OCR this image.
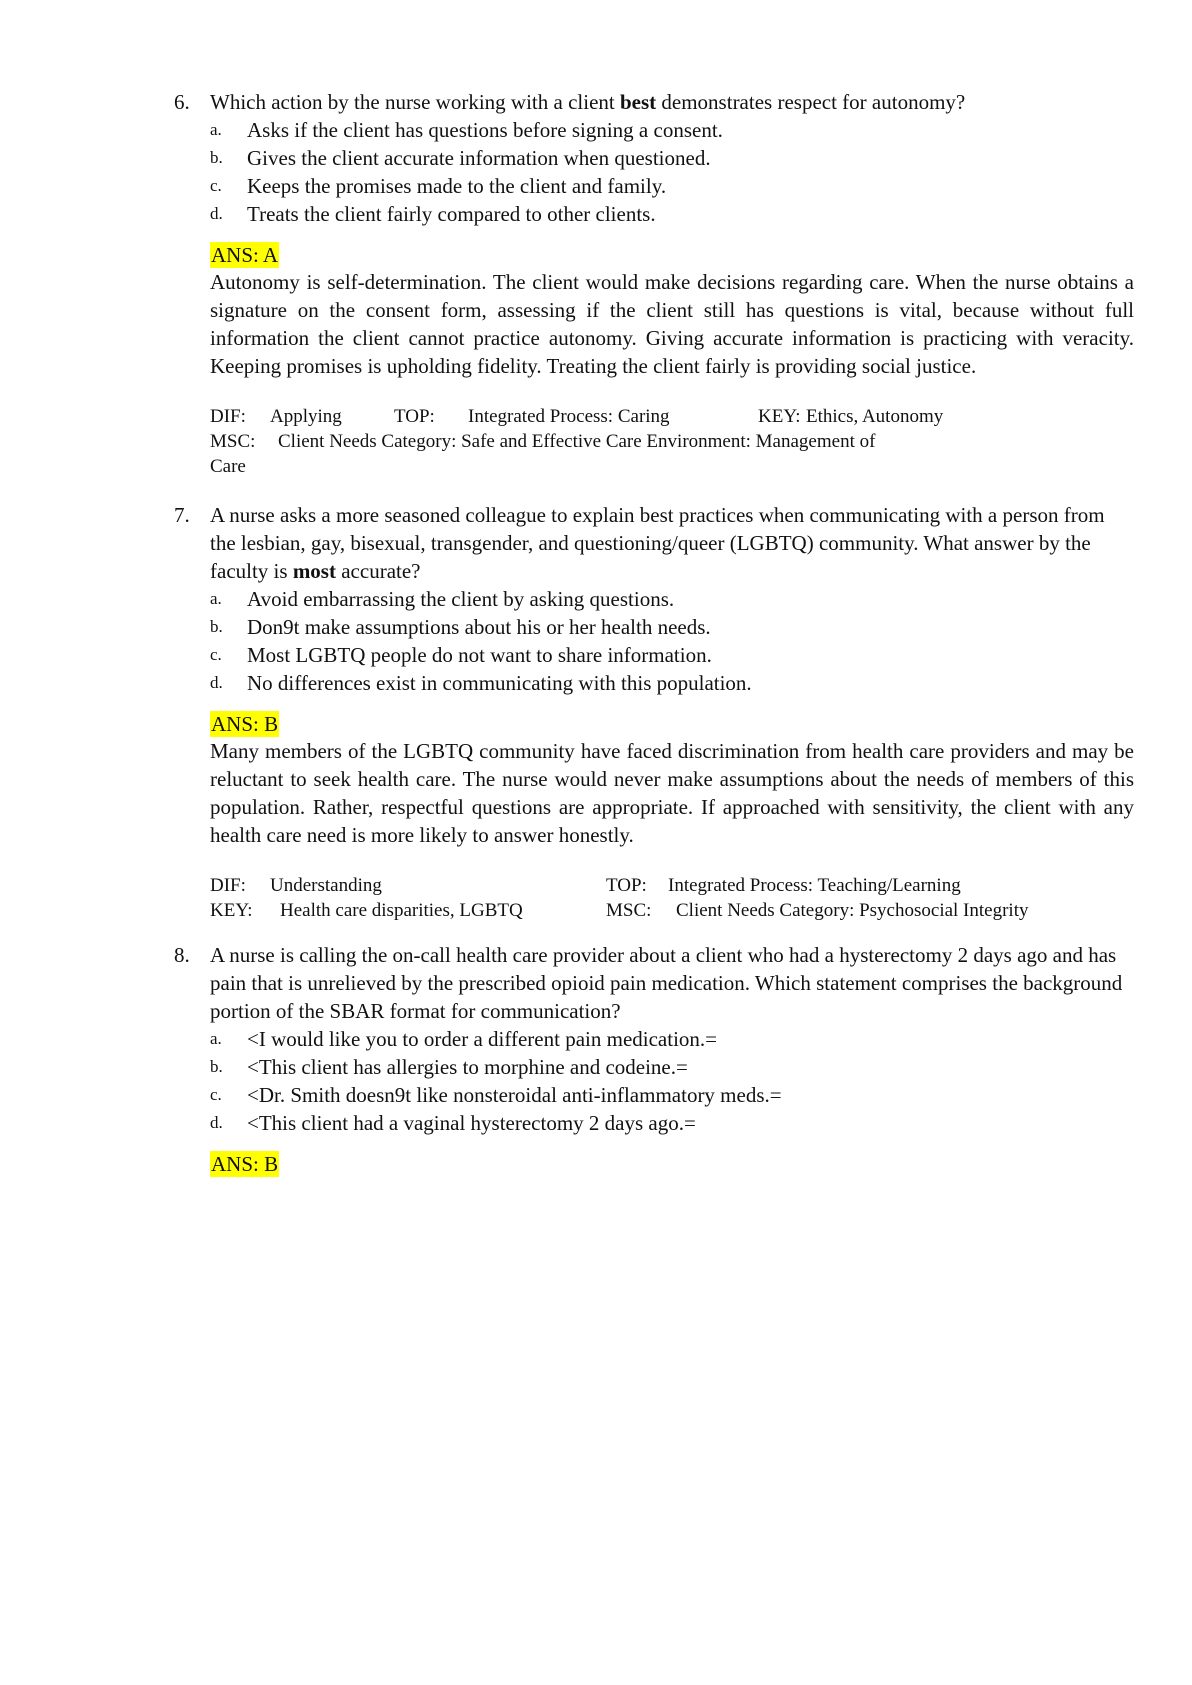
6. Which action by the nurse working with a client best demonstrates respect for autonomy?
a. Asks if the client has questions before signing a consent.
b. Gives the client accurate information when questioned.
c. Keeps the promises made to the client and family.
d. Treats the client fairly compared to other clients.
ANS: A
Autonomy is self-determination. The client would make decisions regarding care. When the nurse obtains a signature on the consent form, assessing if the client still has questions is vital, because without full information the client cannot practice autonomy. Giving accurate information is practicing with veracity. Keeping promises is upholding fidelity. Treating the client fairly is providing social justice.
DIF: Applying	TOP: Integrated Process: Caring	KEY: Ethics, Autonomy
MSC: Client Needs Category: Safe and Effective Care Environment: Management of
Care
7. A nurse asks a more seasoned colleague to explain best practices when communicating with a person from the lesbian, gay, bisexual, transgender, and questioning/queer (LGBTQ) community. What answer by the faculty is most accurate?
a. Avoid embarrassing the client by asking questions.
b. Don9t make assumptions about his or her health needs.
c. Most LGBTQ people do not want to share information.
d. No differences exist in communicating with this population.
ANS: B
Many members of the LGBTQ community have faced discrimination from health care providers and may be reluctant to seek health care. The nurse would never make assumptions about the needs of members of this population. Rather, respectful questions are appropriate. If approached with sensitivity, the client with any health care need is more likely to answer honestly.
DIF: Understanding	TOP: Integrated Process: Teaching/Learning
KEY: Health care disparities, LGBTQ	MSC: Client Needs Category: Psychosocial Integrity
8. A nurse is calling the on-call health care provider about a client who had a hysterectomy 2 days ago and has pain that is unrelieved by the prescribed opioid pain medication. Which statement comprises the background portion of the SBAR format for communication?
a. <I would like you to order a different pain medication.=
b. <This client has allergies to morphine and codeine.=
c. <Dr. Smith doesn9t like nonsteroidal anti-inflammatory meds.=
d. <This client had a vaginal hysterectomy 2 days ago.=
ANS: B
